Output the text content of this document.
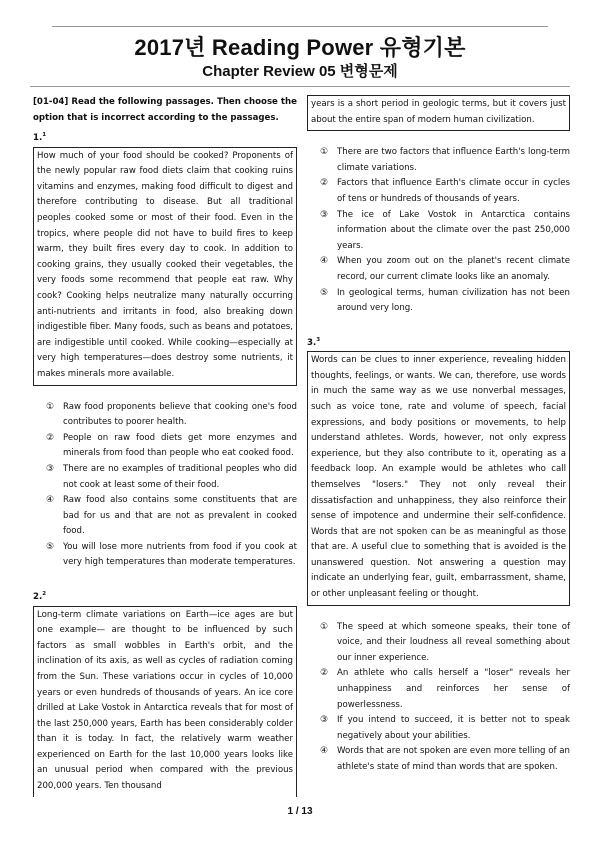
2017년 Reading Power 유형기본
Chapter Review 05 변형문제

[01-04] Read the following passages. Then choose the option that is incorrect according to the passages.

1.$^1$
How much of your food should be cooked? Proponents of the newly popular raw food diets claim that cooking ruins vitamins and enzymes, making food difficult to digest and therefore contributing to disease. But all traditional peoples cooked some or most of their food. Even in the tropics, where people did not have to build fires to keep warm, they built fires every day to cook. In addition to cooking grains, they usually cooked their vegetables, the very foods some recommend that people eat raw. Why cook? Cooking helps neutralize many naturally occurring anti-nutrients and irritants in food, also breaking down indigestible fiber. Many foods, such as beans and potatoes, are indigestible until cooked. While cooking—especially at very high temperatures—does destroy some nutrients, it makes minerals more available.
① Raw food proponents believe that cooking one's food contributes to poorer health.
② People on raw food diets get more enzymes and minerals from food than people who eat cooked food.
③ There are no examples of traditional peoples who did not cook at least some of their food.
④ Raw food also contains some constituents that are bad for us and that are not as prevalent in cooked food.
⑤ You will lose more nutrients from food if you cook at very high temperatures than moderate temperatures.
2.$^2$
Long-term climate variations on Earth—ice ages are but one example— are thought to be influenced by such factors as small wobbles in Earth's orbit, and the inclination of its axis, as well as cycles of radiation coming from the Sun. These variations occur in cycles of 10,000 years or even hundreds of thousands of years. An ice core drilled at Lake Vostok in Antarctica reveals that for most of the last 250,000 years, Earth has been considerably colder than it is today. In fact, the relatively warm weather experienced on Earth for the last 10,000 years looks like an unusual period when compared with the previous 200,000 years. Ten thousand
years is a short period in geologic terms, but it covers just about the entire span of modern human civilization.
① There are two factors that influence Earth's long-term climate variations.
② Factors that influence Earth's climate occur in cycles of tens or hundreds of thousands of years.
③ The ice of Lake Vostok in Antarctica contains information about the climate over the past 250,000 years.
④ When you zoom out on the planet's recent climate record, our current climate looks like an anomaly.
⑤ In geological terms, human civilization has not been around very long.
3.$^3$
Words can be clues to inner experience, revealing hidden thoughts, feelings, or wants. We can, therefore, use words in much the same way as we use nonverbal messages, such as voice tone, rate and volume of speech, facial expressions, and body positions or movements, to help understand athletes. Words, however, not only express experience, but they also contribute to it, operating as a feedback loop. An example would be athletes who call themselves "losers." They not only reveal their dissatisfaction and unhappiness, they also reinforce their sense of impotence and undermine their self-confidence. Words that are not spoken can be as meaningful as those that are. A useful clue to something that is avoided is the unanswered question. Not answering a question may indicate an underlying fear, guilt, embarrassment, shame, or other unpleasant feeling or thought.
① The speed at which someone speaks, their tone of voice, and their loudness all reveal something about our inner experience.
② An athlete who calls herself a "loser" reveals her unhappiness and reinforces her sense of powerlessness.
③ If you intend to succeed, it is better not to speak negatively about your abilities.
④ Words that are not spoken are even more telling of an athlete's state of mind than words that are spoken.
1 / 13
